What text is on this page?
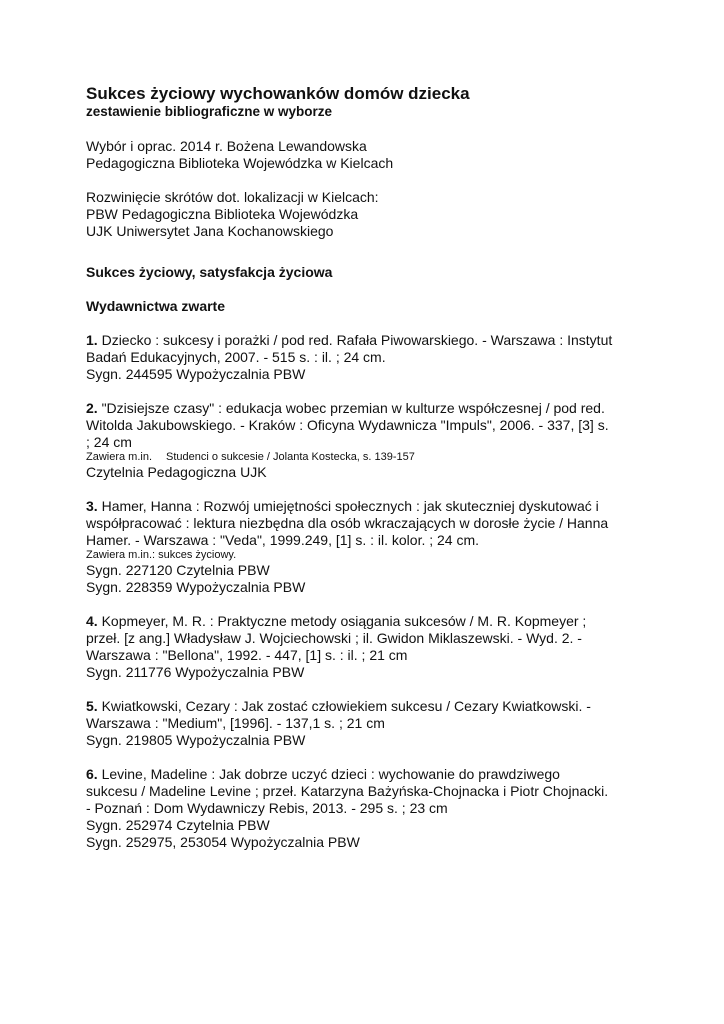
Sukces życiowy wychowanków domów dziecka
zestawienie bibliograficzne w wyborze

Wybór i oprac. 2014 r. Bożena Lewandowska

Pedagogiczna Biblioteka Wojewódzka w Kielcach

Rozwinięcie skrótów dot. lokalizacji w Kielcach:

PBW Pedagogiczna Biblioteka Wojewódzka

UJK Uniwersytet Jana Kochanowskiego

Sukces życiowy, satysfakcja życiowa

Wydawnictwa zwarte

1. Dziecko : sukcesy i porażki / pod red. Rafała Piwowarskiego. - Warszawa : Instytut

Badań Edukacyjnych, 2007. - 515 s. : il. ; 24 cm.

Sygn. 244595 Wypożyczalnia PBW

2. "Dzisiejsze czasy" : edukacja wobec przemian w kulturze współczesnej / pod red.

Witolda Jakubowskiego. - Kraków : Oficyna Wydawnicza "Impuls", 2006. - 337, [3] s.

; 24 cm

Zawiera m.in. Studenci o sukcesie / Jolanta Kostecka, s. 139-157

Czytelnia Pedagogiczna UJK

3. Hamer, Hanna : Rozwój umiejętności społecznych : jak skuteczniej dyskutować i

współpracować : lektura niezbędna dla osób wkraczających w dorosłe życie / Hanna

Hamer. - Warszawa : "Veda", 1999.249, [1] s. : il. kolor. ; 24 cm.

Zawiera m.in.: sukces życiowy.

Sygn. 227120 Czytelnia PBW

Sygn. 228359 Wypożyczalnia PBW

4. Kopmeyer, M. R. : Praktyczne metody osiągania sukcesów / M. R. Kopmeyer ;

przeł. [z ang.] Władysław J. Wojciechowski ; il. Gwidon Miklaszewski. - Wyd. 2. -

Warszawa : "Bellona", 1992. - 447, [1] s. : il. ; 21 cm

Sygn. 211776 Wypożyczalnia PBW

5. Kwiatkowski, Cezary : Jak zostać człowiekiem sukcesu / Cezary Kwiatkowski. -

Warszawa : "Medium", [1996]. - 137,1 s. ; 21 cm

Sygn. 219805 Wypożyczalnia PBW

6. Levine, Madeline : Jak dobrze uczyć dzieci : wychowanie do prawdziwego

sukcesu / Madeline Levine ; przeł. Katarzyna Bażyńska-Chojnacka i Piotr Chojnacki.

- Poznań : Dom Wydawniczy Rebis, 2013. - 295 s. ; 23 cm

Sygn. 252974 Czytelnia PBW

Sygn. 252975, 253054 Wypożyczalnia PBW
